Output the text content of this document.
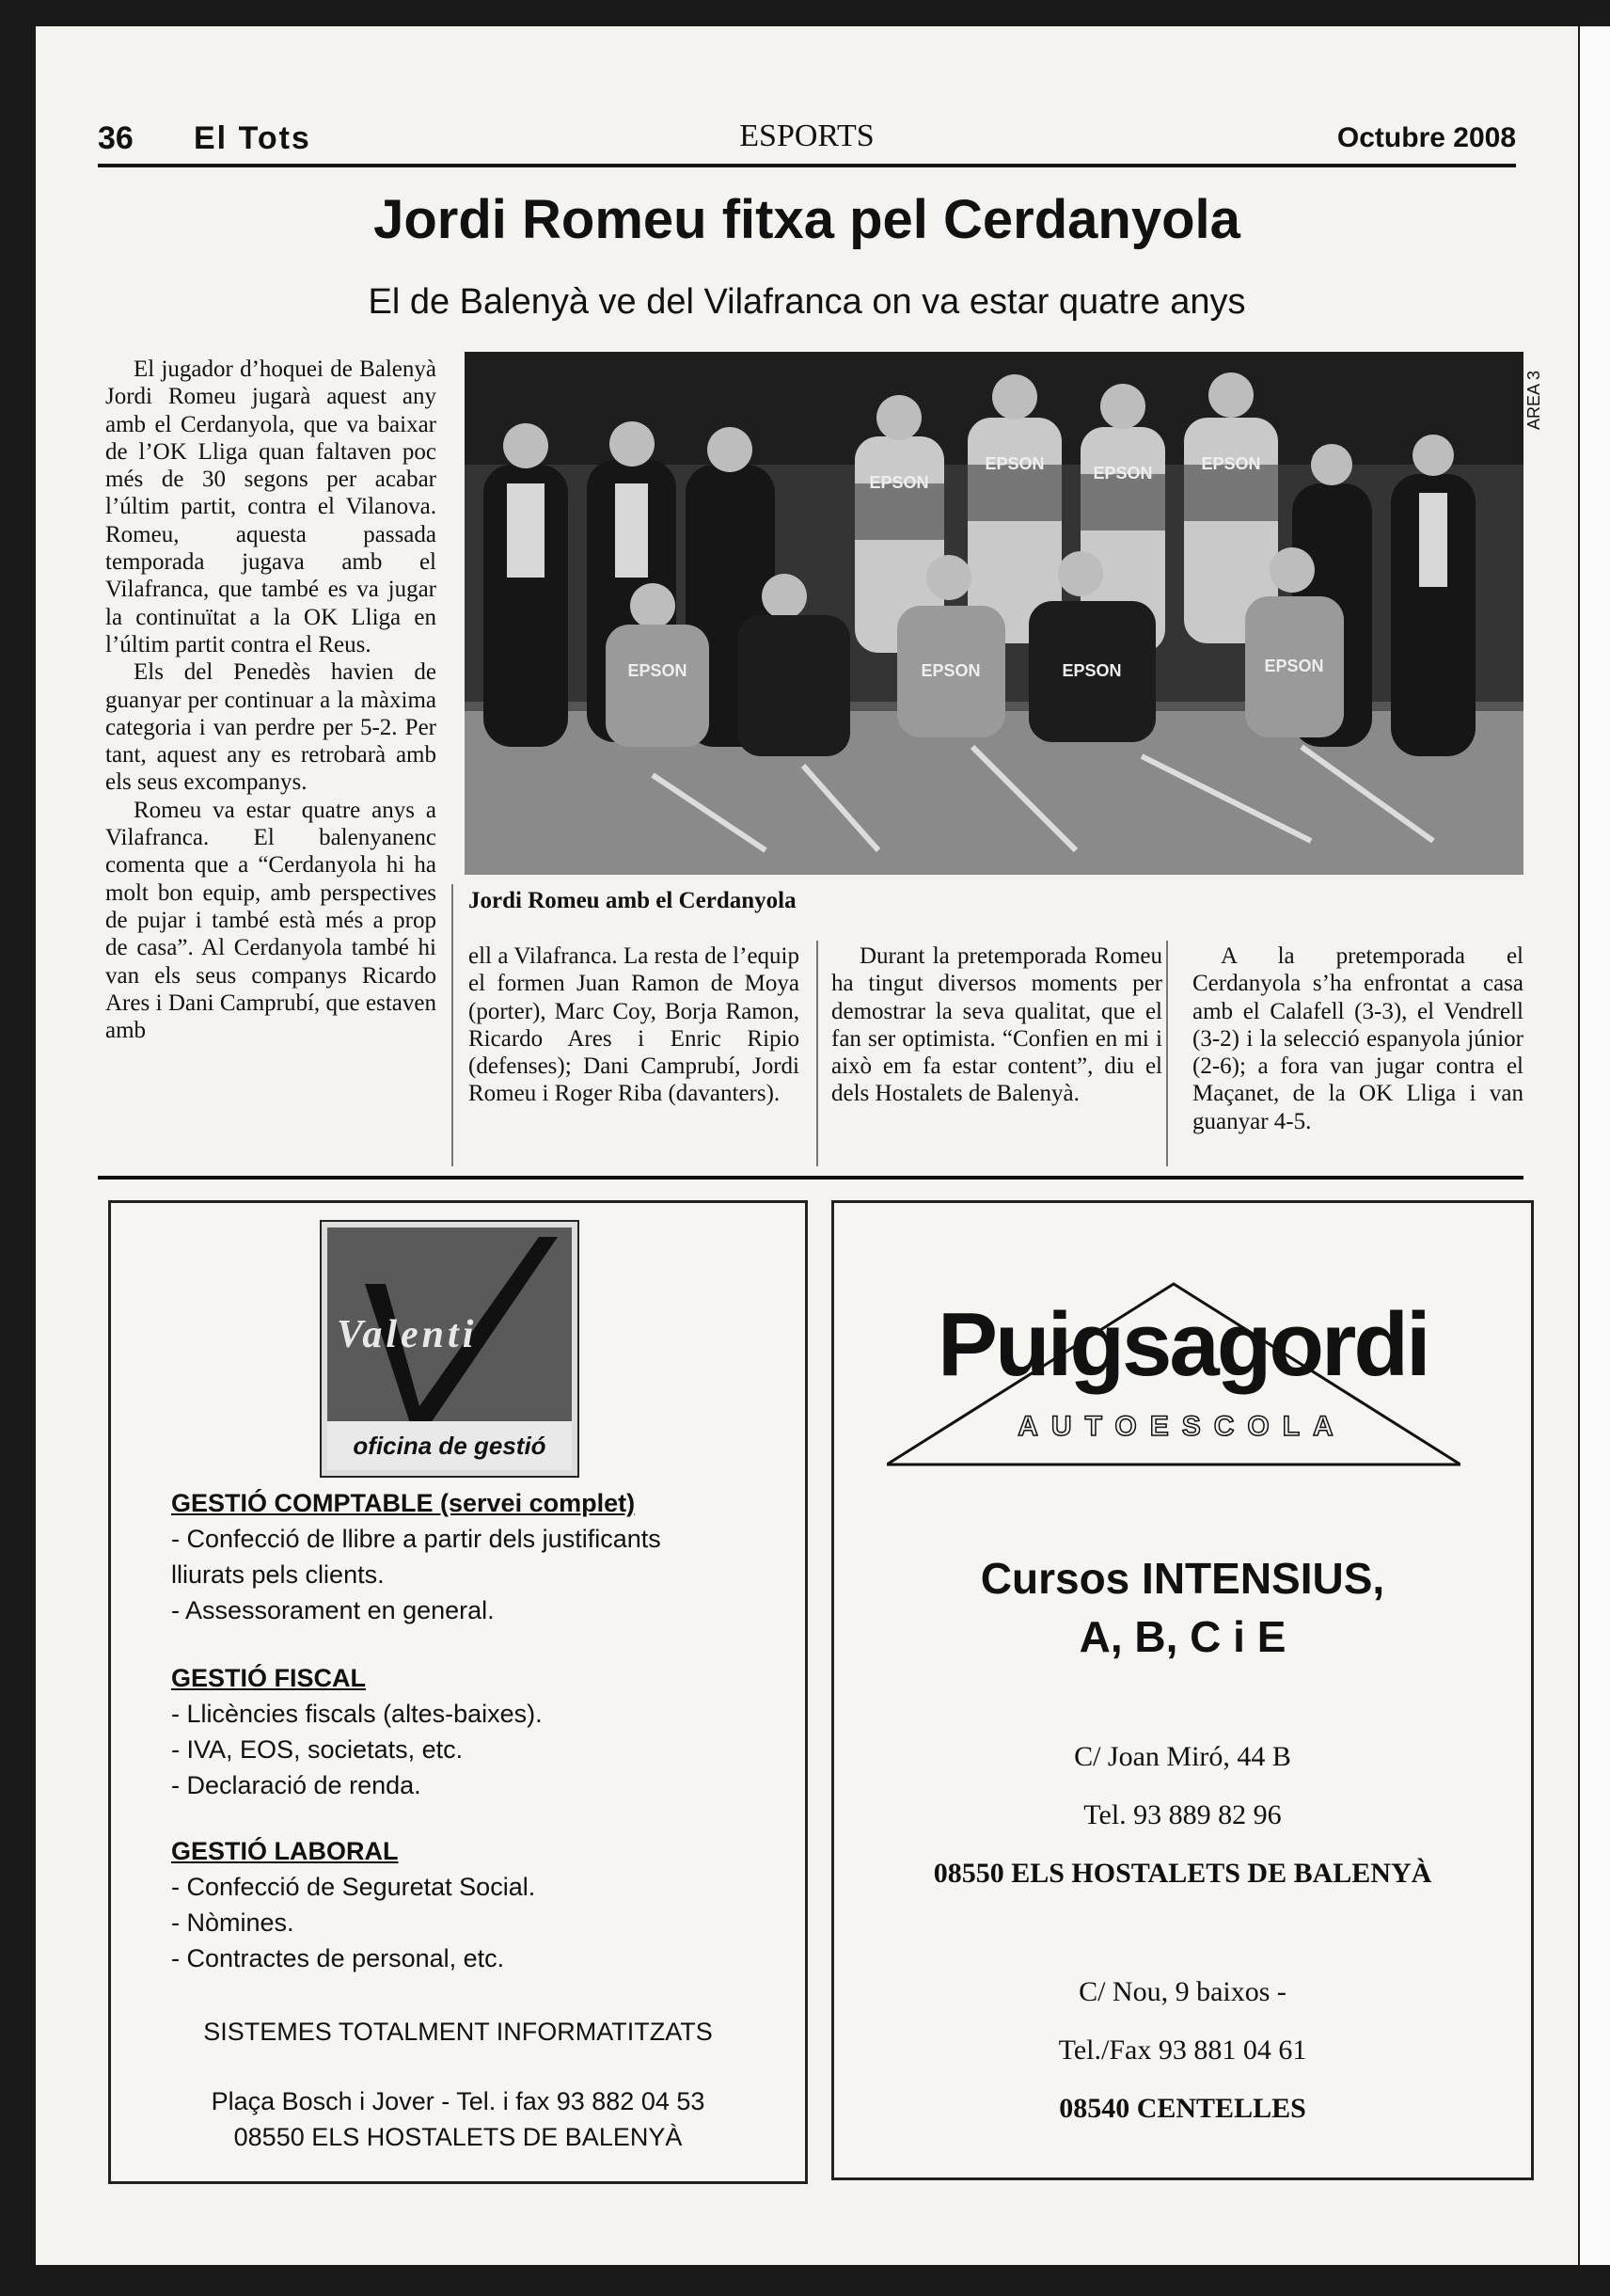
36 El Tots	ESPORTS	Octubre 2008
Jordi Romeu fitxa pel Cerdanyola
El de Balenyà ve del Vilafranca on va estar quatre anys

El jugador d’hoquei de Balenyà Jordi Romeu jugarà aquest any amb el Cerdanyola, que va baixar de l’OK Lliga quan faltaven poc més de 30 segons per acabar l’últim partit, contra el Vilanova. Romeu, aquesta passada temporada jugava amb el Vilafranca, que també es va jugar la continuïtat a la OK Lliga en l’últim partit contra el Reus.

Els del Penedès havien de guanyar per continuar a la màxima categoria i van perdre per 5-2. Per tant, aquest any es retrobarà amb els seus excompanys.

Romeu va estar quatre anys a Vilafranca. El balenyanenc comenta que a “Cerdanyola hi ha molt bon equip, amb perspectives de pujar i també està més a prop de casa”. Al Cerdanyola també hi van els seus companys Ricardo Ares i Dani Camprubí, que estaven amb

EPSON
EPSON	EPSON	EPSON
EPSON	EPSON	EPSON	EPSON
Jordi Romeu amb el Cerdanyola
AREA 3

ell a Vilafranca. La resta de l’equip el formen Juan Ramon de Moya (porter), Marc Coy, Borja Ramon, Ricardo Ares i Enric Ripio (defenses); Dani Camprubí, Jordi Romeu i Roger Riba (davanters).

Durant la pretemporada Romeu ha tingut diversos moments per demostrar la seva qualitat, que el fan ser optimista. “Confien en mi i això em fa estar content”, diu el dels Hostalets de Balenyà.

A la pretemporada el Cerdanyola s’ha enfrontat a casa amb el Calafell (3-3), el Vendrell (3-2) i la selecció espanyola júnior (2-6); a fora van jugar contra el Maçanet, de la OK Lliga i van guanyar 4-5.

Valenti
oficina de gestió
GESTIÓ COMPTABLE (servei complet)

- Confecció de llibre a partir dels justificants

lliurats pels clients.

- Assessorament en general.

GESTIÓ FISCAL

- Llicències fiscals (altes-baixes).

- IVA, EOS, societats, etc.

- Declaració de renda.

GESTIÓ LABORAL

- Confecció de Seguretat Social.

- Nòmines.

- Contractes de personal, etc.

SISTEMES TOTALMENT INFORMATITZATS
Plaça Bosch i Jover - Tel. i fax 93 882 04 53
08550 ELS HOSTALETS DE BALENYÀ
Puigsagordi
AUTOESCOLA
Cursos INTENSIUS,
A, B, C i E
C/ Joan Miró, 44 B
Tel. 93 889 82 96
08550 ELS HOSTALETS DE BALENYÀ
C/ Nou, 9 baixos -
Tel./Fax 93 881 04 61
08540 CENTELLES
